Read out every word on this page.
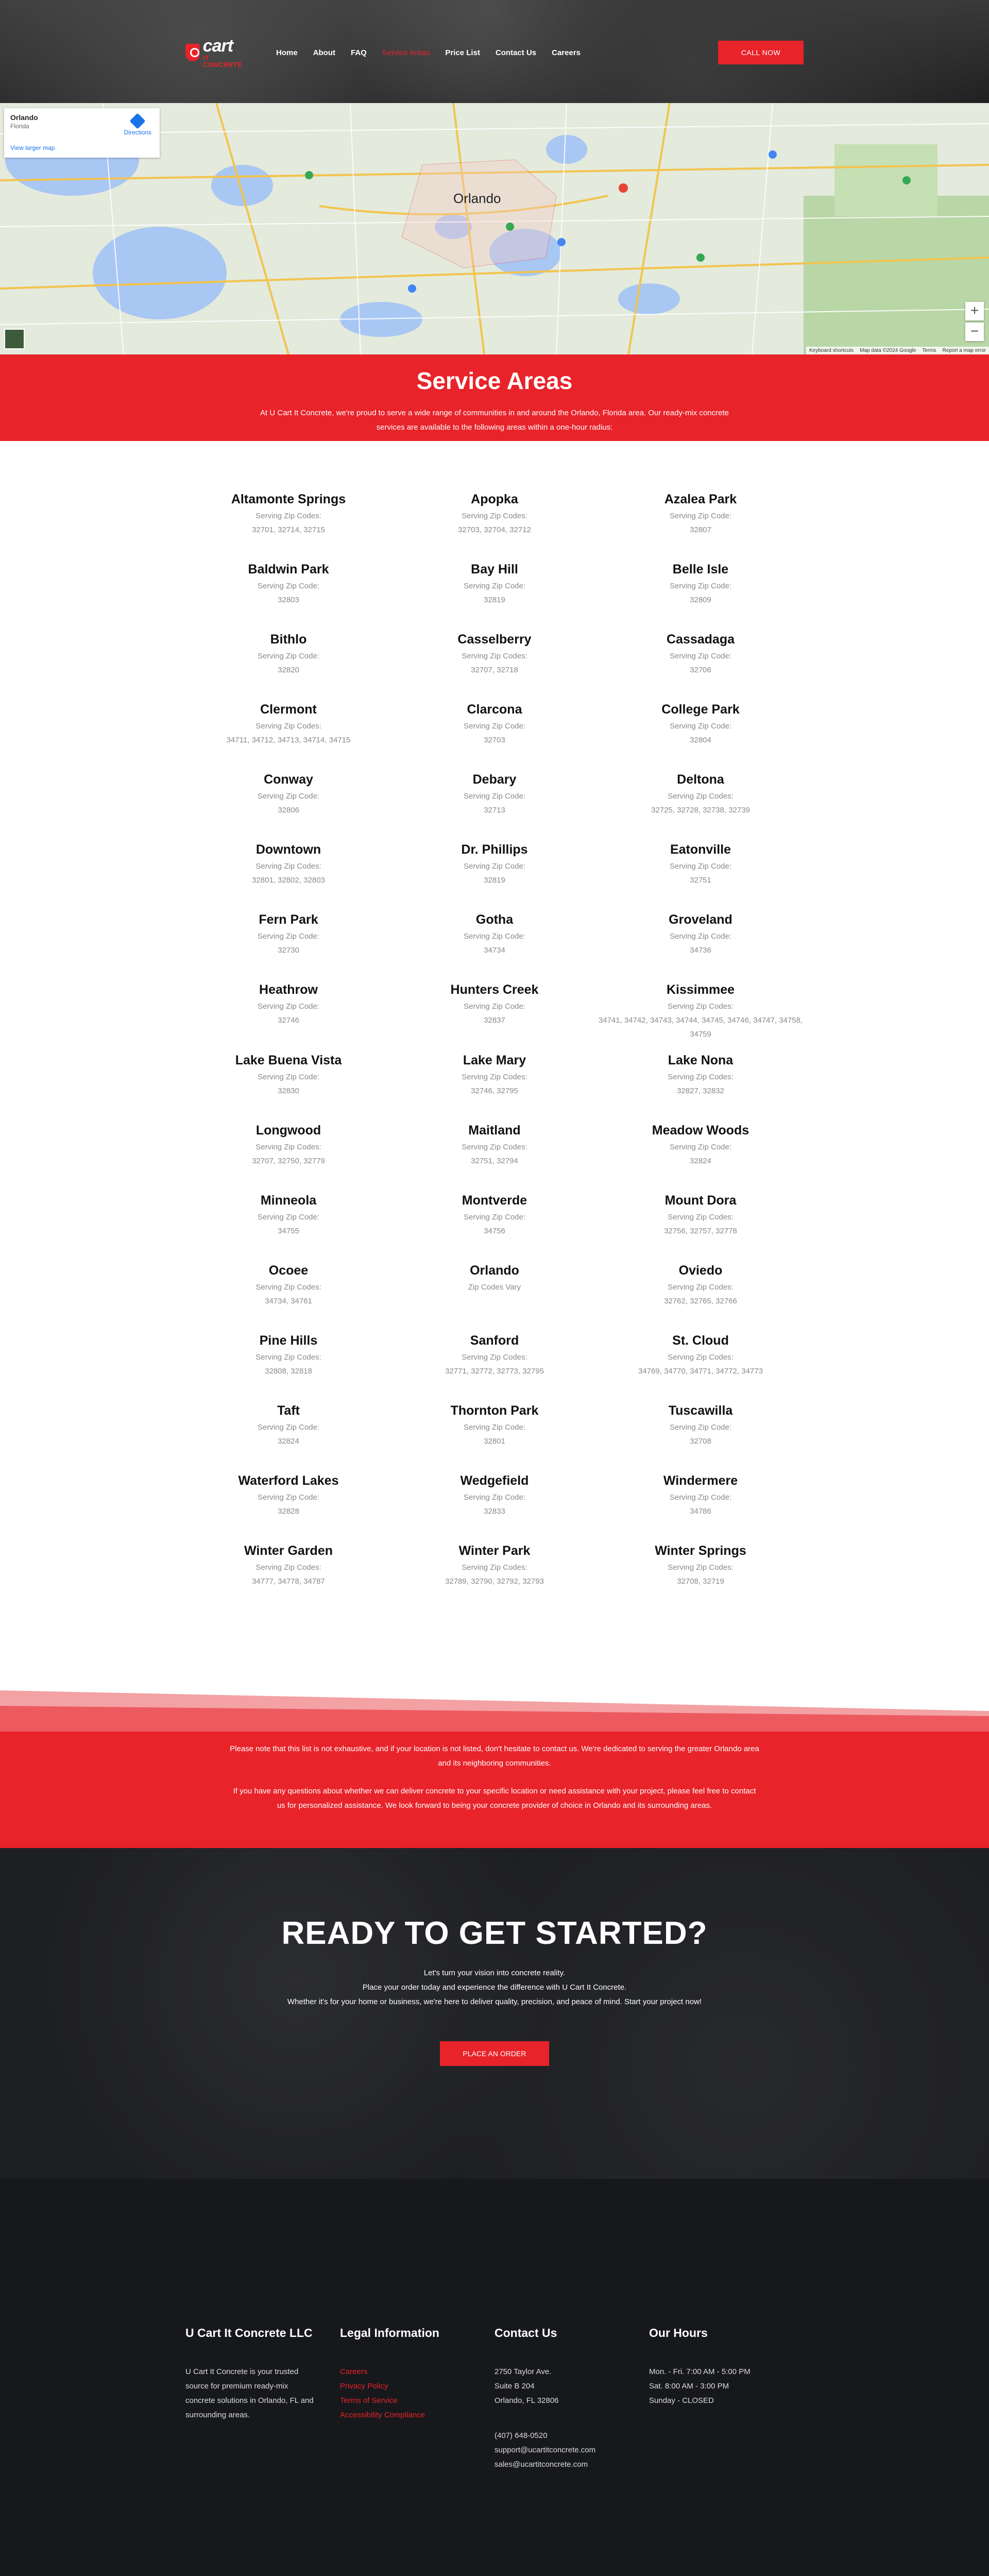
cart
IT CONCRETE
Home About FAQ Service Areas Price List Contact Us Careers	CALL NOW
Orlando
Florida
View larger map
Directions
Orlando
+
−
Keyboard shortcuts Map data ©2024 Google Terms Report a map error
Service Areas

At U Cart It Concrete, we're proud to serve a wide range of communities in and around the Orlando, Florida area. Our ready-mix concrete services are available to the following areas within a one-hour radius:

Altamonte Springs
Serving Zip Codes:
32701, 32714, 32715
Apopka
Serving Zip Codes:
32703, 32704, 32712
Azalea Park
Serving Zip Code:
32807
Baldwin Park
Serving Zip Code:
32803
Bay Hill
Serving Zip Code:
32819
Belle Isle
Serving Zip Code:
32809
Bithlo
Serving Zip Code:
32820
Casselberry
Serving Zip Codes:
32707, 32718
Cassadaga
Serving Zip Code:
32706
Clermont
Serving Zip Codes:
34711, 34712, 34713, 34714, 34715
Clarcona
Serving Zip Code:
32703
College Park
Serving Zip Code:
32804
Conway
Serving Zip Code:
32806
Debary
Serving Zip Code:
32713
Deltona
Serving Zip Codes:
32725, 32728, 32738, 32739
Downtown
Serving Zip Codes:
32801, 32802, 32803
Dr. Phillips
Serving Zip Code:
32819
Eatonville
Serving Zip Code:
32751
Fern Park
Serving Zip Code:
32730
Gotha
Serving Zip Code:
34734
Groveland
Serving Zip Code:
34736
Heathrow
Serving Zip Code:
32746
Hunters Creek
Serving Zip Code:
32837
Kissimmee
Serving Zip Codes:
34741, 34742, 34743, 34744, 34745, 34746, 34747, 34758, 34759
Lake Buena Vista
Serving Zip Code:
32830
Lake Mary
Serving Zip Codes:
32746, 32795
Lake Nona
Serving Zip Codes:
32827, 32832
Longwood
Serving Zip Codes:
32707, 32750, 32779
Maitland
Serving Zip Codes:
32751, 32794
Meadow Woods
Serving Zip Code:
32824
Minneola
Serving Zip Code:
34755
Montverde
Serving Zip Code:
34756
Mount Dora
Serving Zip Codes:
32756, 32757, 32778
Ocoee
Serving Zip Codes:
34734, 34761
Orlando
Zip Codes Vary
Oviedo
Serving Zip Codes:
32762, 32765, 32766
Pine Hills
Serving Zip Codes:
32808, 32818
Sanford
Serving Zip Codes:
32771, 32772, 32773, 32795
St. Cloud
Serving Zip Codes:
34769, 34770, 34771, 34772, 34773
Taft
Serving Zip Code:
32824
Thornton Park
Serving Zip Code:
32801
Tuscawilla
Serving Zip Code:
32708
Waterford Lakes
Serving Zip Code:
32828
Wedgefield
Serving Zip Code:
32833
Windermere
Serving Zip Code:
34786
Winter Garden
Serving Zip Codes:
34777, 34778, 34787
Winter Park
Serving Zip Codes:
32789, 32790, 32792, 32793
Winter Springs
Serving Zip Codes:
32708, 32719

Please note that this list is not exhaustive, and if your location is not listed, don't hesitate to contact us. We're dedicated to serving the greater Orlando area and its neighboring communities.

If you have any questions about whether we can deliver concrete to your specific location or need assistance with your project, please feel free to contact us for personalized assistance. We look forward to being your concrete provider of choice in Orlando and its surrounding areas.

READY TO GET STARTED?
Let's turn your vision into concrete reality.
Place your order today and experience the difference with U Cart It Concrete.
Whether it's for your home or business, we're here to deliver quality, precision, and peace of mind. Start your project now!
PLACE AN ORDER
U Cart It Concrete LLC

U Cart It Concrete is your trusted

source for premium ready-mix

concrete solutions in Orlando, FL and

surrounding areas.

Legal Information
Careers
Privacy Policy
Terms of Service
Accessibility Compliance
Contact Us

2750 Taylor Ave.

Suite B 204

Orlando, FL 32806

(407) 648-0520
support@ucartitconcrete.com
sales@ucartitconcrete.com
Our Hours

Mon. - Fri. 7:00 AM - 5:00 PM

Sat. 8:00 AM - 3:00 PM

Sunday - CLOSED
